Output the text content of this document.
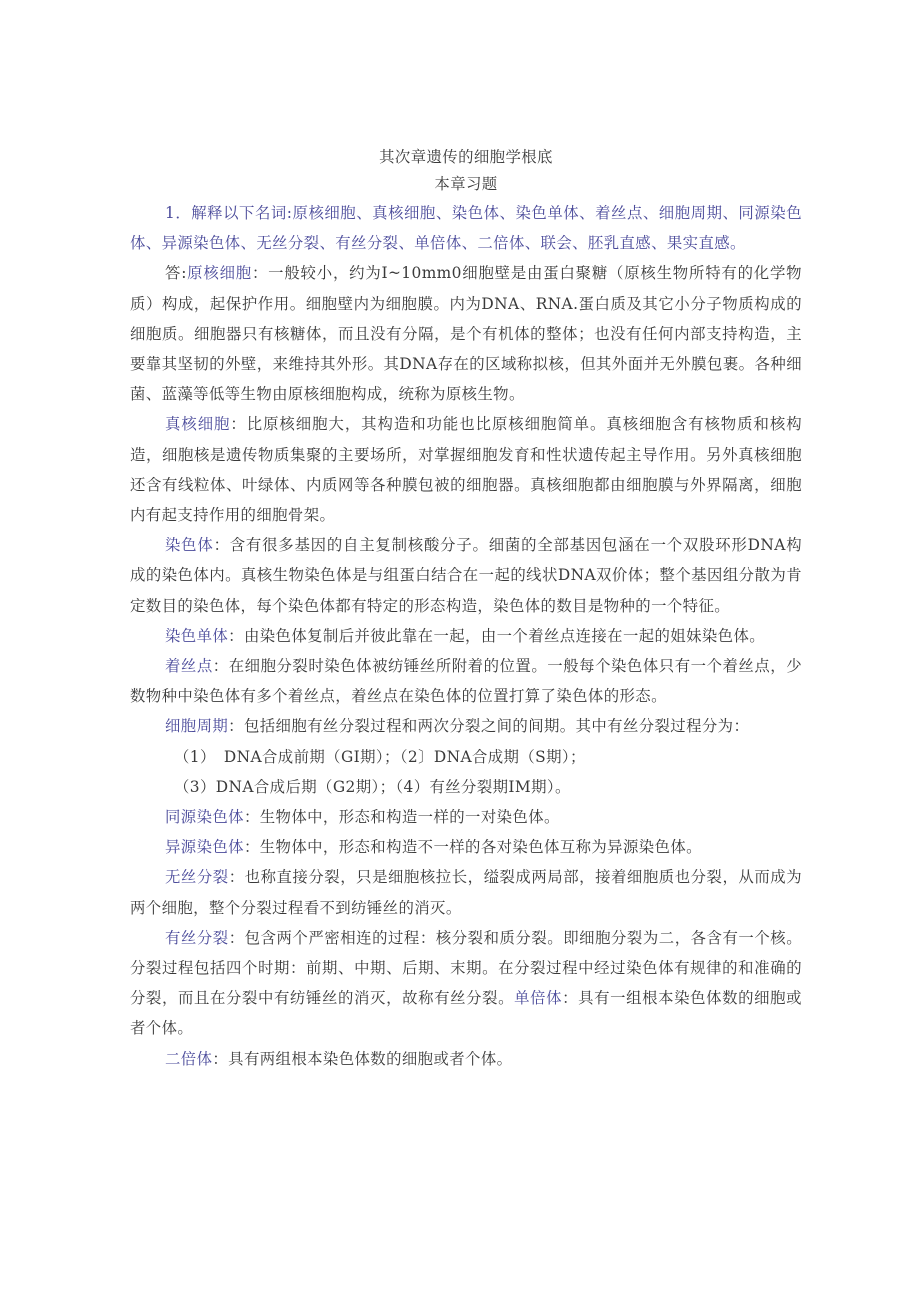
其次章遗传的细胞学根底
本章习题

1．解释以下名词:原核细胞、真核细胞、染色体、染色单体、着丝点、细胞周期、同源染色体、异源染色体、无丝分裂、有丝分裂、单倍体、二倍体、联会、胚乳直感、果实直感。

答:原核细胞：一般较小，约为I~10mm0细胞壁是由蛋白聚糖（原核生物所特有的化学物质）构成，起保护作用。细胞壁内为细胞膜。内为DNA、RNA.蛋白质及其它小分子物质构成的细胞质。细胞器只有核糖体，而且没有分隔，是个有机体的整体；也没有任何内部支持构造，主要靠其坚韧的外壁，来维持其外形。其DNA存在的区域称拟核，但其外面并无外膜包裹。各种细菌、蓝藻等低等生物由原核细胞构成，统称为原核生物。

真核细胞：比原核细胞大，其构造和功能也比原核细胞简单。真核细胞含有核物质和核构造，细胞核是遗传物质集聚的主要场所，对掌握细胞发育和性状遗传起主导作用。另外真核细胞还含有线粒体、叶绿体、内质网等各种膜包被的细胞器。真核细胞都由细胞膜与外界隔离，细胞内有起支持作用的细胞骨架。

染色体：含有很多基因的自主复制核酸分子。细菌的全部基因包涵在一个双股环形DNA构成的染色体内。真核生物染色体是与组蛋白结合在一起的线状DNA双价体；整个基因组分散为肯定数目的染色体，每个染色体都有特定的形态构造，染色体的数目是物种的一个特征。

染色单体：由染色体复制后并彼此靠在一起，由一个着丝点连接在一起的姐妹染色体。

着丝点：在细胞分裂时染色体被纺锤丝所附着的位置。一般每个染色体只有一个着丝点，少数物种中染色体有多个着丝点，着丝点在染色体的位置打算了染色体的形态。

细胞周期：包括细胞有丝分裂过程和两次分裂之间的间期。其中有丝分裂过程分为：

（1）　DNA合成前期（GI期）；（2〕DNA合成期（S期）；

（3）DNA合成后期（G2期）；（4）有丝分裂期IM期）。

同源染色体：生物体中，形态和构造一样的一对染色体。

异源染色体：生物体中，形态和构造不一样的各对染色体互称为异源染色体。

无丝分裂：也称直接分裂，只是细胞核拉长，缢裂成两局部，接着细胞质也分裂，从而成为两个细胞，整个分裂过程看不到纺锤丝的消灭。

有丝分裂：包含两个严密相连的过程：核分裂和质分裂。即细胞分裂为二，各含有一个核。分裂过程包括四个时期：前期、中期、后期、末期。在分裂过程中经过染色体有规律的和准确的分裂，而且在分裂中有纺锤丝的消灭，故称有丝分裂。单倍体：具有一组根本染色体数的细胞或者个体。

二倍体：具有两组根本染色体数的细胞或者个体。
